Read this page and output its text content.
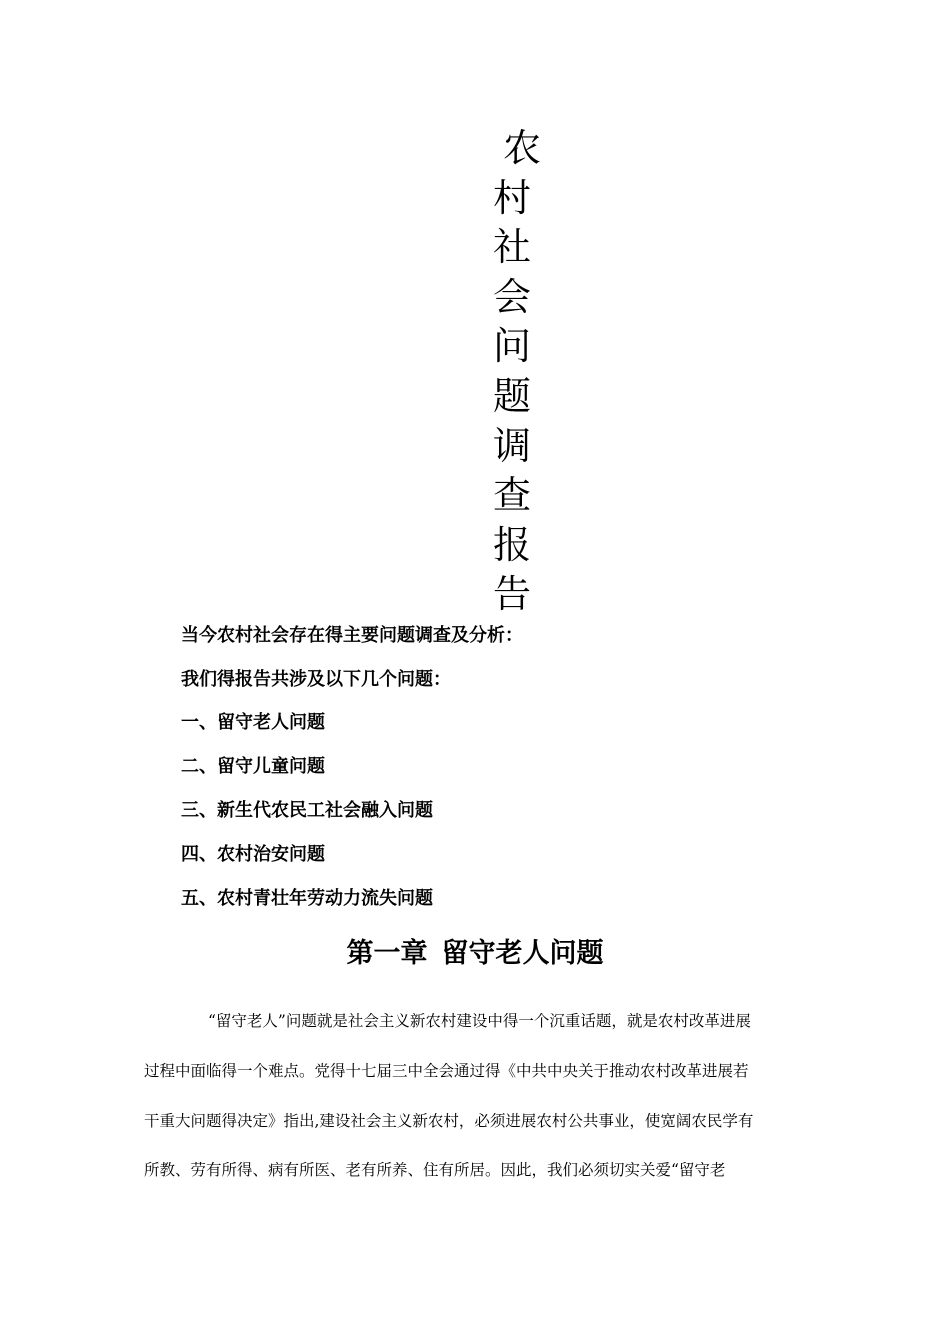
农
村
社
会
问
题
调
查
报
告
当今农村社会存在得主要问题调查及分析：
我们得报告共涉及以下几个问题：
一、留守老人问题
二、留守儿童问题
三、新生代农民工社会融入问题
四、农村治安问题
五、农村青壮年劳动力流失问题
第一章 留守老人问题
“留守老人”问题就是社会主义新农村建设中得一个沉重话题，就是农村改革进展
过程中面临得一个难点。党得十七届三中全会通过得《中共中央关于推动农村改革进展若
干重大问题得决定》指出,建设社会主义新农村，必须进展农村公共事业，使宽阔农民学有
所教、劳有所得、病有所医、老有所养、住有所居。因此，我们必须切实关爱“留守老
